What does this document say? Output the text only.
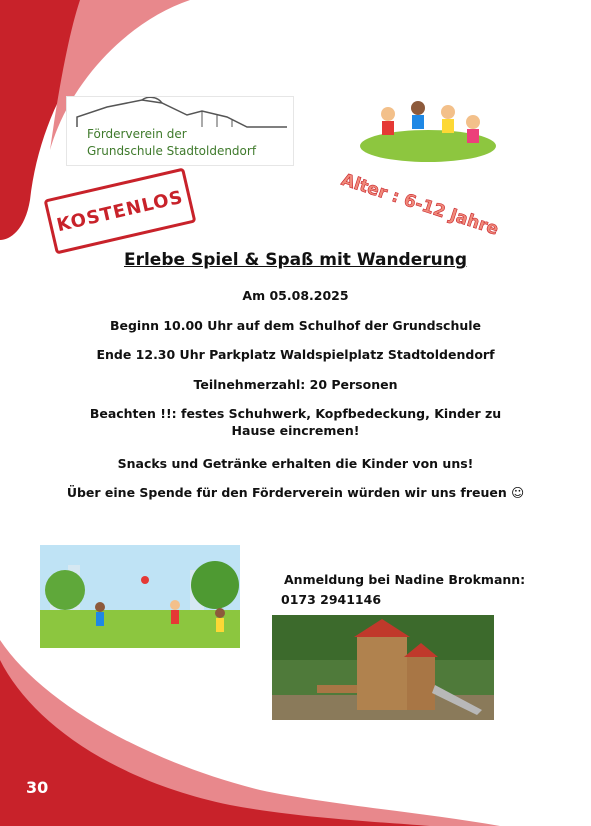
Förderverein der
Grundschule Stadtoldendorf
KOSTENLOS	Alter : 6-12 Jahre
Erlebe Spiel & Spaß mit Wanderung
Am 05.08.2025
Beginn 10.00 Uhr auf dem Schulhof der Grundschule
Ende 12.30 Uhr Parkplatz Waldspielplatz Stadtoldendorf
Teilnehmerzahl: 20 Personen
Beachten !!: festes Schuhwerk, Kopfbedeckung, Kinder zu Hause eincremen!
Snacks und Getränke erhalten die Kinder von uns!
Über eine Spende für den Förderverein würden wir uns freuen ☺
Anmeldung bei Nadine Brokmann:
0173 2941146
30
